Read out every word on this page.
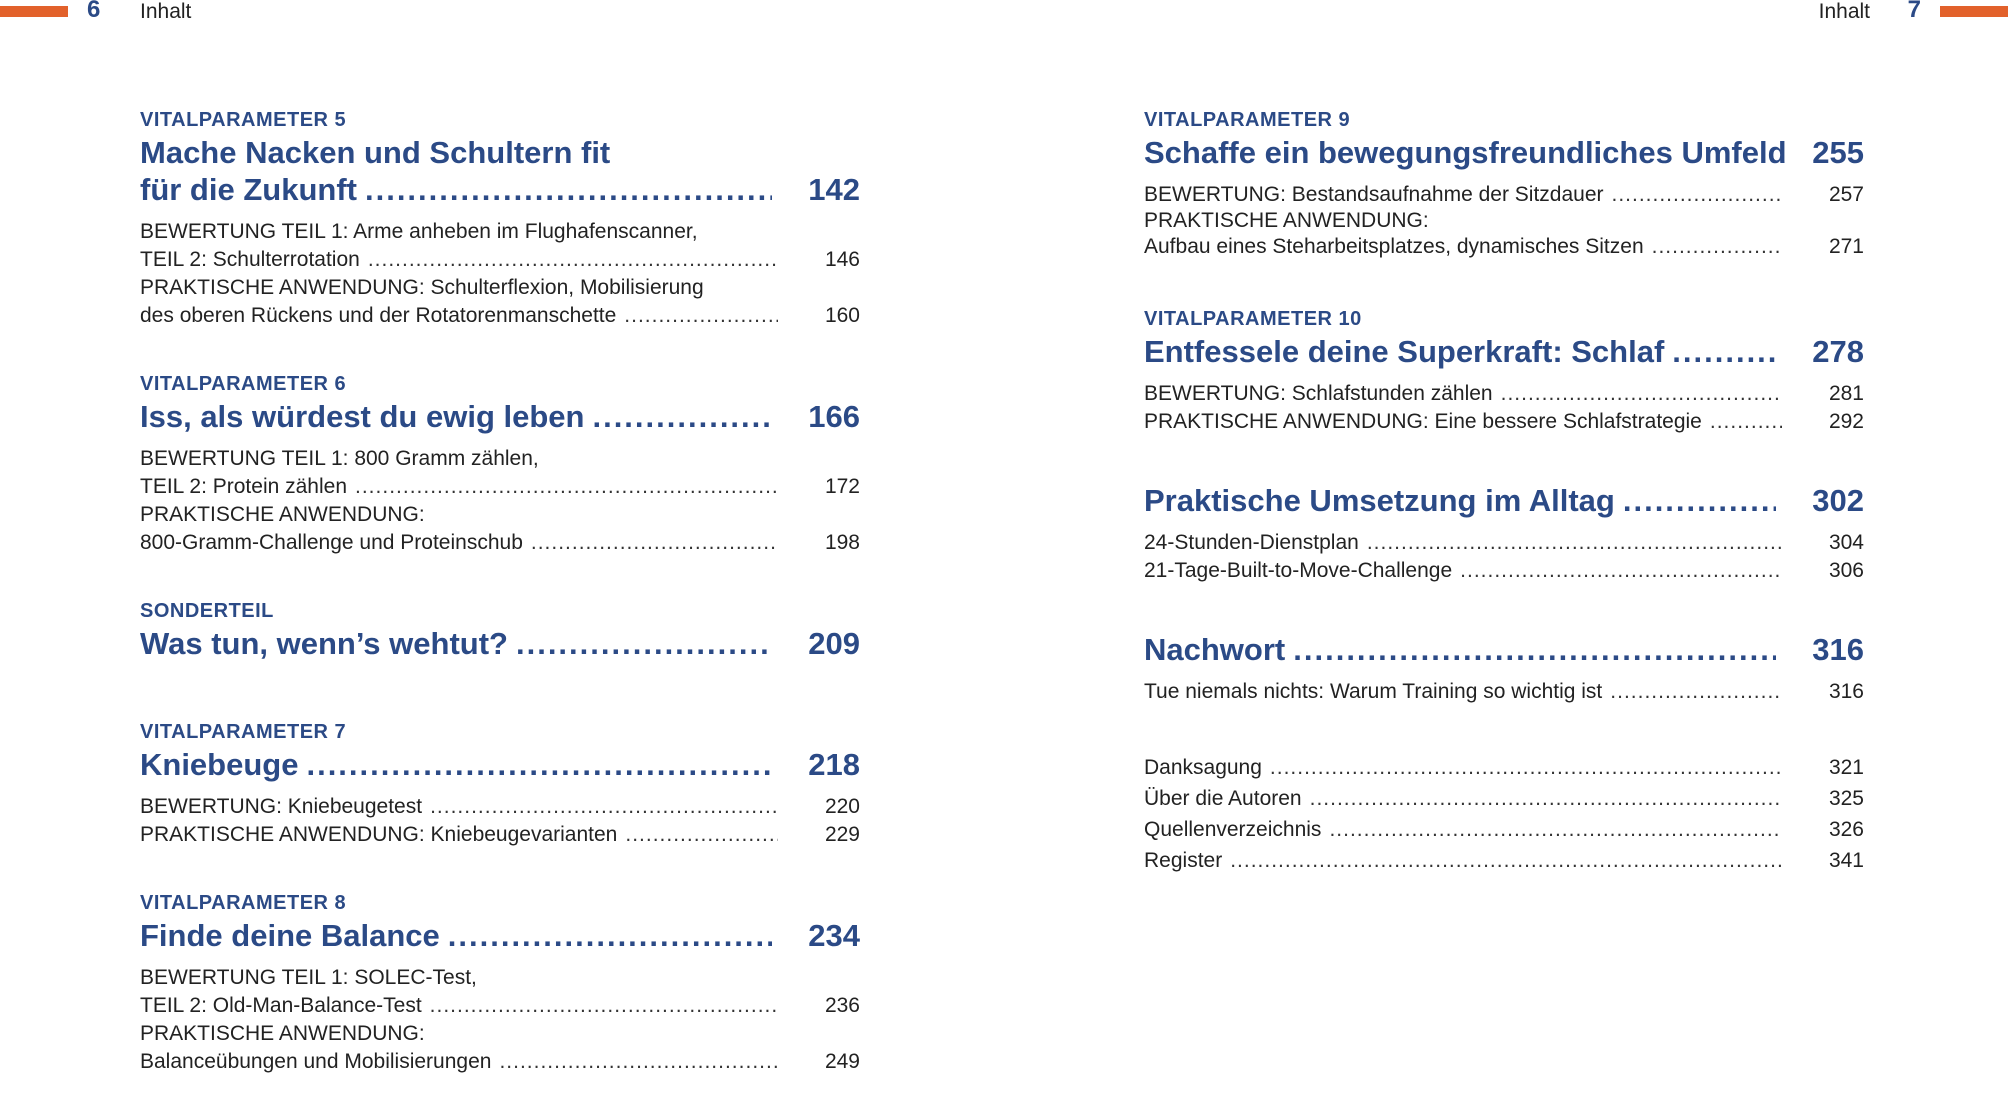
6 Inhalt	Inhalt 7
VITALPARAMETER 5
Mache Nacken und Schultern fit
für die Zukunft .....	142
BEWERTUNG TEIL 1: Arme anheben im Flughafenscanner,
TEIL 2: Schulterrotation .....	146
PRAKTISCHE ANWENDUNG: Schulterflexion, Mobilisierung
des oberen Rückens und der Rotatorenmanschette .....	160
VITALPARAMETER 6
Iss, als würdest du ewig leben .....	166
BEWERTUNG TEIL 1: 800 Gramm zählen,
TEIL 2: Protein zählen .....	172
PRAKTISCHE ANWENDUNG:
800-Gramm-Challenge und Proteinschub .....	198
SONDERTEIL
Was tun, wenn’s wehtut? .....	209
VITALPARAMETER 7
Kniebeuge .....	218
BEWERTUNG: Kniebeugetest .....	220
PRAKTISCHE ANWENDUNG: Kniebeugevarianten .....	229
VITALPARAMETER 8
Finde deine Balance .....	234
BEWERTUNG TEIL 1: SOLEC-Test,
TEIL 2: Old-Man-Balance-Test .....	236
PRAKTISCHE ANWENDUNG:
Balanceübungen und Mobilisierungen .....	249
VITALPARAMETER 9
Schaffe ein bewegungsfreundliches Umfeld 255
BEWERTUNG: Bestandsaufnahme der Sitzdauer .....	257
PRAKTISCHE ANWENDUNG:
Aufbau eines Steharbeitsplatzes, dynamisches Sitzen .....	271
VITALPARAMETER 10
Entfessele deine Superkraft: Schlaf .....	278
BEWERTUNG: Schlafstunden zählen .....	281
PRAKTISCHE ANWENDUNG: Eine bessere Schlafstrategie .....	292
Praktische Umsetzung im Alltag .....	302
24-Stunden-Dienstplan .....	304
21-Tage-Built-to-Move-Challenge .....	306
Nachwort .....	316
Tue niemals nichts: Warum Training so wichtig ist .....	316
Danksagung .....	321
Über die Autoren .....	325
Quellenverzeichnis .....	326
Register .....	341
